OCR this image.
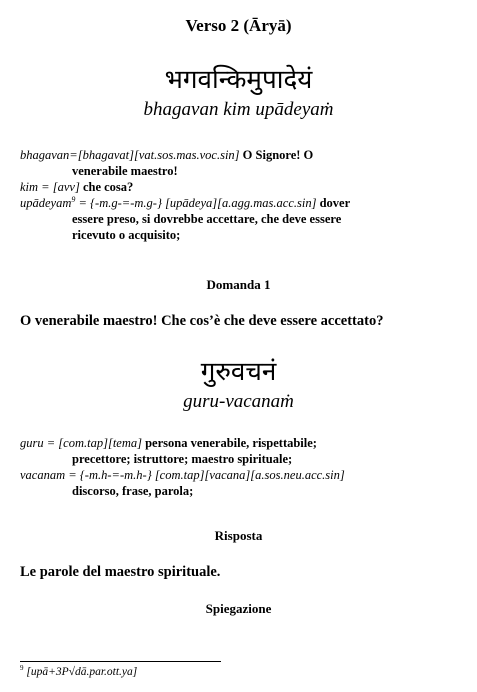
Verso 2 (Āryā)
भगवन्किमुपादेयं
bhagavan kim upādeyaṁ
bhagavan=[bhagavat][vat.sos.mas.voc.sin] O Signore! O
venerabile maestro!
kim = [avv] che cosa?
upādeyam$^9$ = {-m.g-=-m.g-} [upādeya][a.agg.mas.acc.sin] dover
essere preso, si dovrebbe accettare, che deve essere
ricevuto o acquisito;
Domanda 1
O venerabile maestro! Che cos’è che deve essere accettato?
गुरुवचनं
guru-vacanaṁ
guru = [com.tap][tema] persona venerabile, rispettabile;
precettore; istruttore; maestro spirituale;
vacanam = {-m.h-=-m.h-} [com.tap][vacana][a.sos.neu.acc.sin]
discorso, frase, parola;
Risposta
Le parole del maestro spirituale.
Spiegazione
$^9$ [upā+3P√dā.par.ott.ya]
